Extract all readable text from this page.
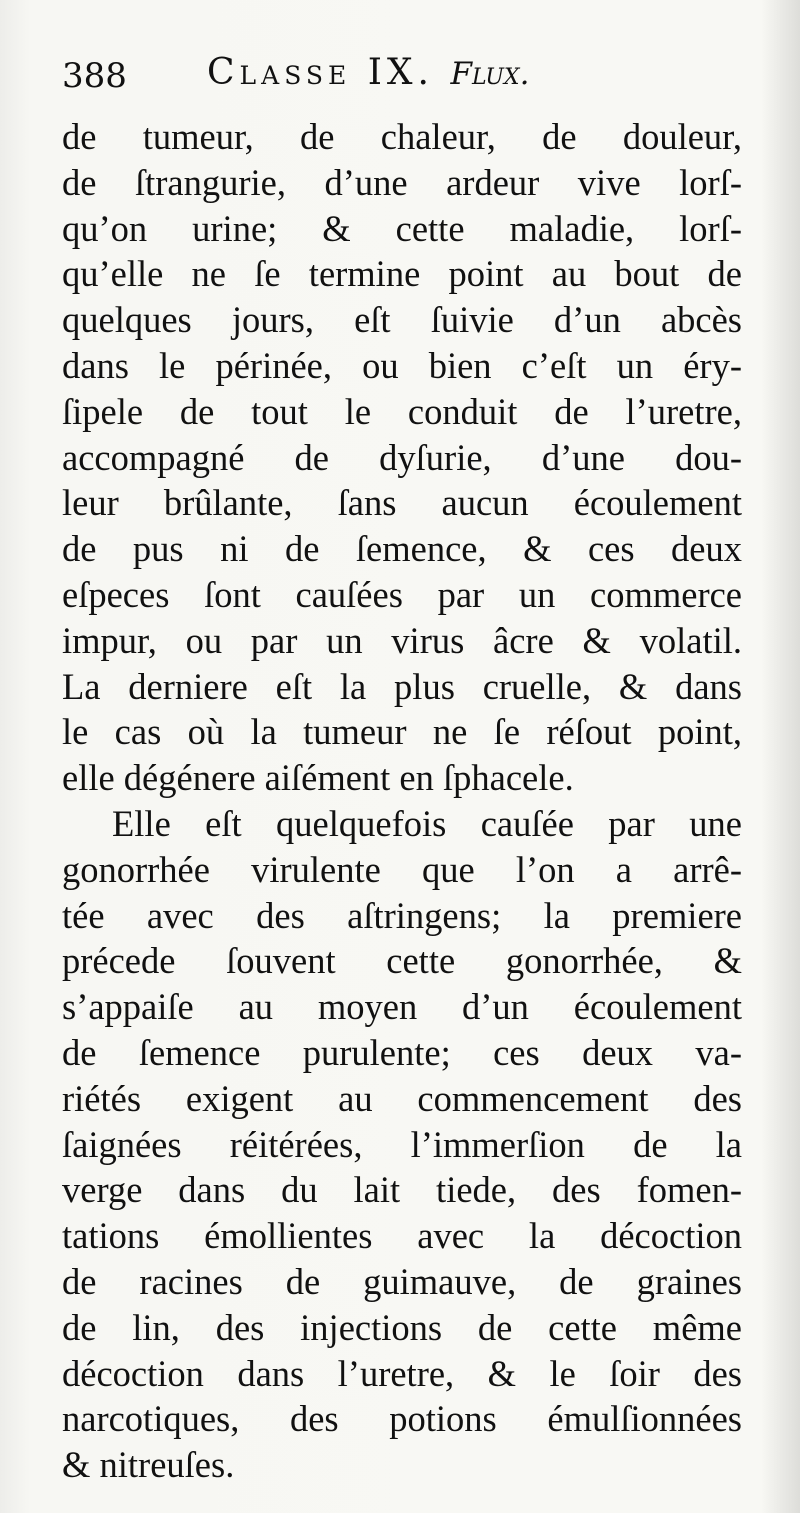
388 Classe IX. Flux.
de tumeur, de chaleur, de douleur,
de ſtrangurie, d’une ardeur vive lorſ-
qu’on urine; & cette maladie, lorſ-
qu’elle ne ſe termine point au bout de
quelques jours, eſt ſuivie d’un abcès
dans le périnée, ou bien c’eſt un éry-
ſipele de tout le conduit de l’uretre,
accompagné de dyſurie, d’une dou-
leur brûlante, ſans aucun écoulement
de pus ni de ſemence, & ces deux
eſpeces ſont cauſées par un commerce
impur, ou par un virus âcre & volatil.
La derniere eſt la plus cruelle, & dans
le cas où la tumeur ne ſe réſout point,
elle dégénere aiſément en ſphacele.
Elle eſt quelquefois cauſée par une
gonorrhée virulente que l’on a arrê-
tée avec des aſtringens; la premiere
précede ſouvent cette gonorrhée, &
s’appaiſe au moyen d’un écoulement
de ſemence purulente; ces deux va-
riétés exigent au commencement des
ſaignées réitérées, l’immerſion de la
verge dans du lait tiede, des fomen-
tations émollientes avec la décoction
de racines de guimauve, de graines
de lin, des injections de cette même
décoction dans l’uretre, & le ſoir des
narcotiques, des potions émulſionnées
& nitreuſes.
